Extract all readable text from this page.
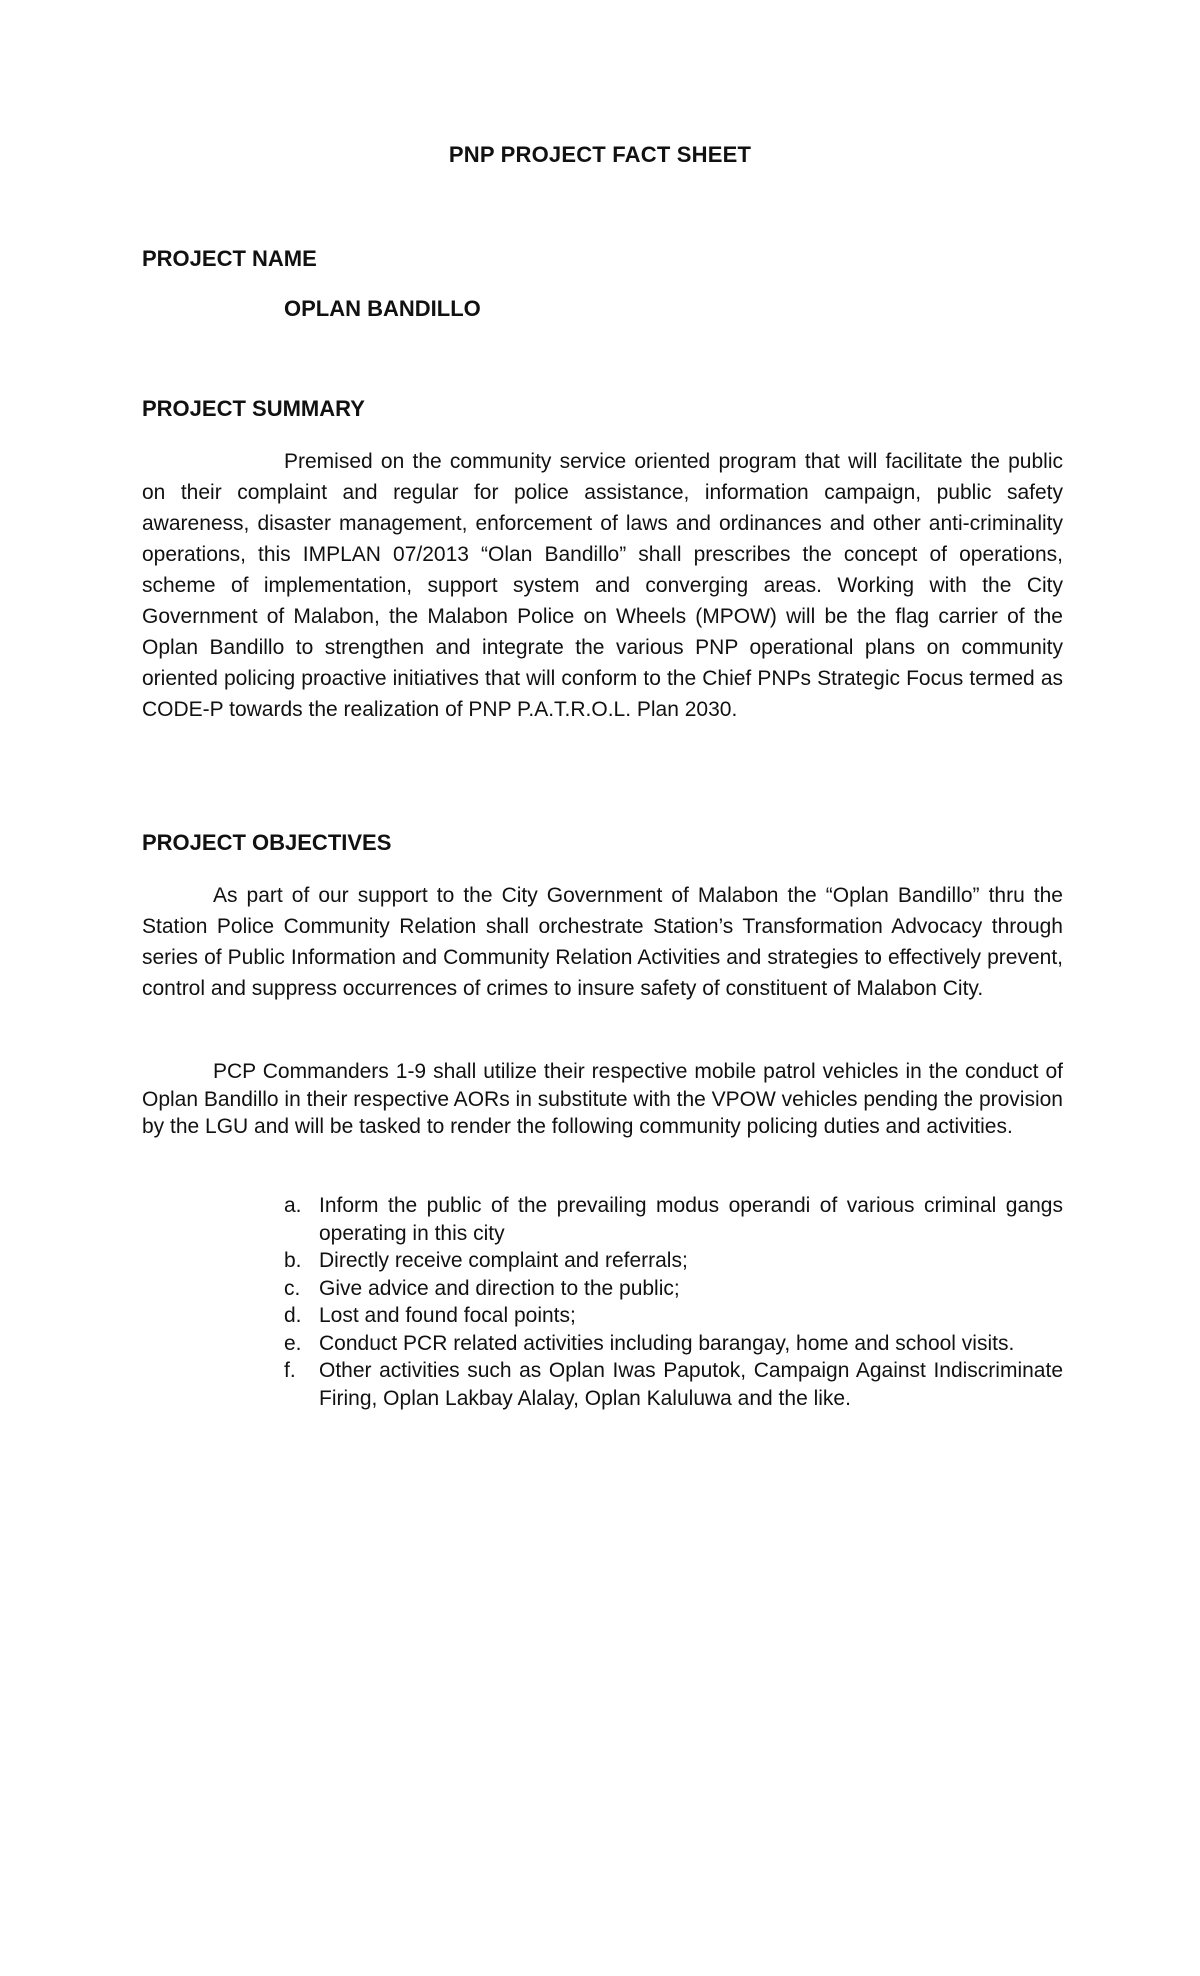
PNP PROJECT FACT SHEET
PROJECT NAME
OPLAN BANDILLO
PROJECT SUMMARY

Premised on the community service oriented program that will facilitate the public on their complaint and regular for police assistance, information campaign, public safety awareness, disaster management, enforcement of laws and ordinances and other anti-criminality operations, this IMPLAN 07/2013 “Olan Bandillo” shall prescribes the concept of operations, scheme of implementation, support system and converging areas. Working with the City Government of Malabon, the Malabon Police on Wheels (MPOW) will be the flag carrier of the Oplan Bandillo to strengthen and integrate the various PNP operational plans on community oriented policing proactive initiatives that will conform to the Chief PNPs Strategic Focus termed as CODE-P towards the realization of PNP P.A.T.R.O.L. Plan 2030.

PROJECT OBJECTIVES

As part of our support to the City Government of Malabon the “Oplan Bandillo” thru the Station Police Community Relation shall orchestrate Station’s Transformation Advocacy through series of Public Information and Community Relation Activities and strategies to effectively prevent, control and suppress occurrences of crimes to insure safety of constituent of Malabon City.

PCP Commanders 1-9 shall utilize their respective mobile patrol vehicles in the conduct of Oplan Bandillo in their respective AORs in substitute with the VPOW vehicles pending the provision by the LGU and will be tasked to render the following community policing duties and activities.

a. Inform the public of the prevailing modus operandi of various criminal gangs operating in this city
b. Directly receive complaint and referrals;
c. Give advice and direction to the public;
d. Lost and found focal points;
e. Conduct PCR related activities including barangay, home and school visits.
f. Other activities such as Oplan Iwas Paputok, Campaign Against Indiscriminate Firing, Oplan Lakbay Alalay, Oplan Kaluluwa and the like.
